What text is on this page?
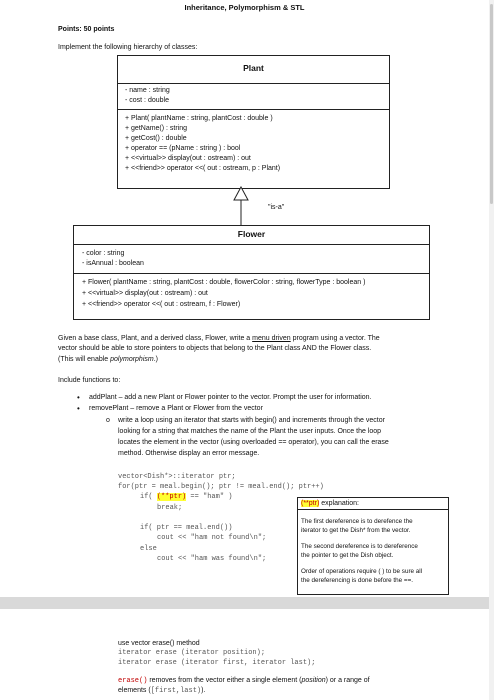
Inheritance, Polymorphism & STL
Points: 50 points
Implement the following hierarchy of classes:
Plant
- name : string
- cost : double
+ Plant( plantName : string, plantCost : double )
+ getName() : string
+ getCost() : double
+ operator == (pName : string ) : bool
+ <<virtual>> display(out : ostream) : out
+ <<friend>> operator <<( out : ostream, p : Plant)
"is-a"
Flower
- color : string
- isAnnual : boolean
+ Flower( plantName : string, plantCost : double, flowerColor : string, flowerType : boolean )
+ <<virtual>> display(out : ostream) : out
+ <<friend>> operator <<( out : ostream, f : Flower)
Given a base class, Plant, and a derived class, Flower, write a menu driven program using a vector. The
vector should be able to store pointers to objects that belong to the Plant class AND the Flower class.
(This will enable polymorphism.)
Include functions to:
• addPlant – add a new Plant or Flower pointer to the vector. Prompt the user for information.
• removePlant – remove a Plant or Flower from the vector
o write a loop using an iterator that starts with begin() and increments through the vector
looking for a string that matches the name of the Plant the user inputs. Once the loop
locates the element in the vector (using overloaded == operator), you can call the erase
method. Otherwise display an error message.
vector<Dish*>::iterator ptr;
for(ptr = meal.begin(); ptr != meal.end(); ptr++)
if( (**ptr) == "ham" )
break;
if( ptr == meal.end())
cout << "ham not found\n";
else
cout << "ham was found\n";
(**ptr) explanation:
The first dereference is to derefence the
iterator to get the Dish* from the vector.
The second dereference is to dereference
the pointer to get the Dish object.
Order of operations require ( ) to be sure all
the dereferencing is done before the ==.
use vector erase() method
iterator erase (iterator position);
iterator erase (iterator first, iterator last);
erase() removes from the vector either a single element (position) or a range of
elements ([first,last)).
